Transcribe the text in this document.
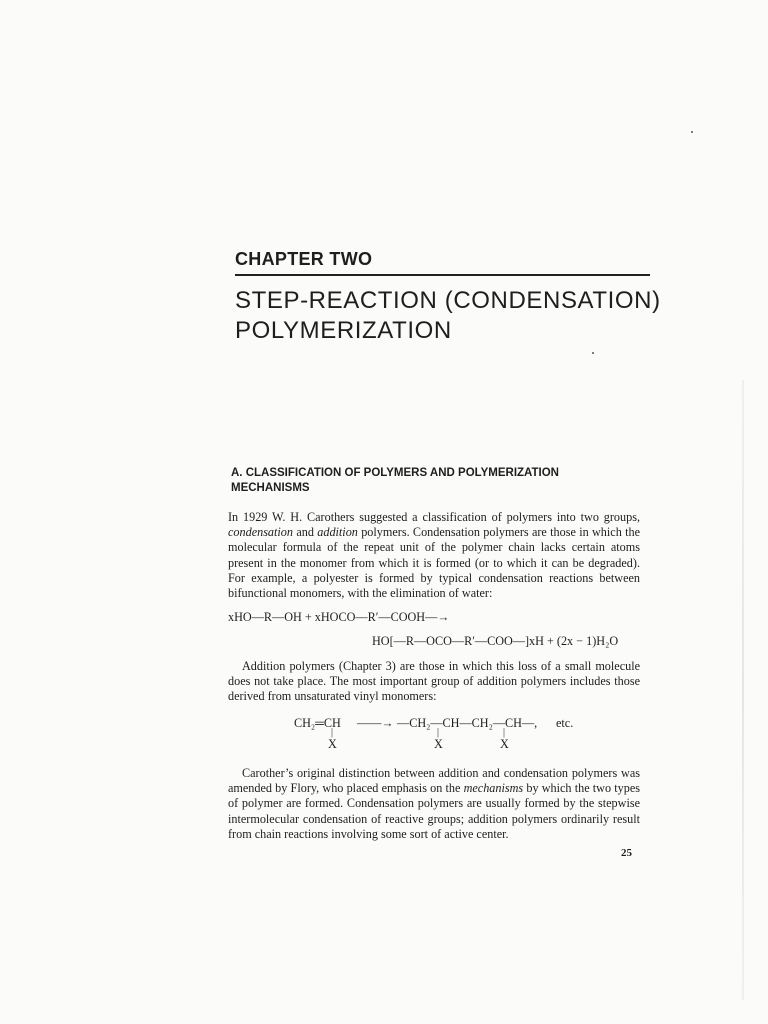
CHAPTER TWO
STEP-REACTION (CONDENSATION)
POLYMERIZATION
A. CLASSIFICATION OF POLYMERS AND POLYMERIZATION
MECHANISMS

In 1929 W. H. Carothers suggested a classification of polymers into two groups, condensation and addition polymers. Condensation polymers are those in which the molecular formula of the repeat unit of the polymer chain lacks certain atoms present in the monomer from which it is formed (or to which it can be degraded). For example, a polyester is formed by typical condensation reactions between bifunctional monomers, with the elimination of water:

xHO—R—OH + xHOCO—R′—COOH—→
HO[—R—OCO—R′—COO—]xH + (2x − 1)H₂O

Addition polymers (Chapter 3) are those in which this loss of a small molecule does not take place. The most important group of addition polymers includes those derived from unsaturated vinyl monomers:

CH₂═CH ——→ —CH₂—CH—CH₂—CH—, etc.
|
X
|
X
|
X

Carother’s original distinction between addition and condensation polymers was amended by Flory, who placed emphasis on the mechanisms by which the two types of polymer are formed. Condensation polymers are usually formed by the stepwise intermolecular condensation of reactive groups; addition polymers ordinarily result from chain reactions involving some sort of active center.

25
